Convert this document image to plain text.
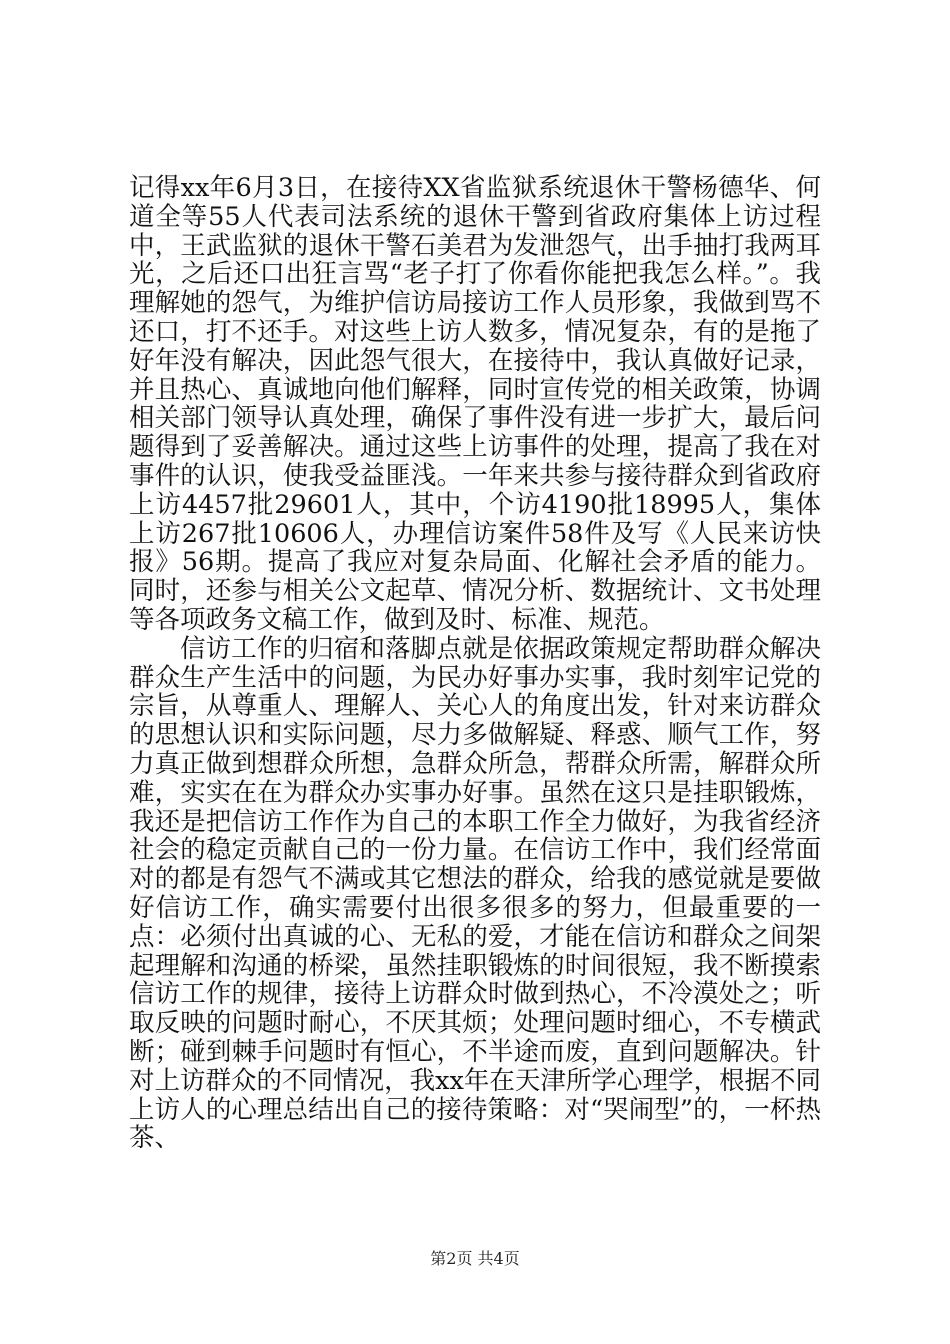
记得xx年6月3日，在接待XX省监狱系统退休干警杨德华、何道全等55人代表司法系统的退休干警到省政府集体上访过程中，王武监狱的退休干警石美君为发泄怨气，出手抽打我两耳光，之后还口出狂言骂“老子打了你看你能把我怎么样。”。我理解她的怨气，为维护信访局接访工作人员形象，我做到骂不还口，打不还手。对这些上访人数多，情况复杂，有的是拖了好年没有解决，因此怨气很大，在接待中，我认真做好记录，并且热心、真诚地向他们解释，同时宣传党的相关政策，协调相关部门领导认真处理，确保了事件没有进一步扩大，最后问题得到了妥善解决。通过这些上访事件的处理，提高了我在对事件的认识，使我受益匪浅。一年来共参与接待群众到省政府上访4457批29601人，其中，个访4190批18995人，集体上访267批10606人，办理信访案件58件及写《人民来访快报》56期。提高了我应对复杂局面、化解社会矛盾的能力。同时，还参与相关公文起草、情况分析、数据统计、文书处理等各项政务文稿工作，做到及时、标准、规范。

信访工作的归宿和落脚点就是依据政策规定帮助群众解决群众生产生活中的问题，为民办好事办实事，我时刻牢记党的宗旨，从尊重人、理解人、关心人的角度出发，针对来访群众的思想认识和实际问题，尽力多做解疑、释惑、顺气工作，努力真正做到想群众所想，急群众所急，帮群众所需，解群众所难，实实在在为群众办实事办好事。虽然在这只是挂职锻炼，我还是把信访工作作为自己的本职工作全力做好，为我省经济社会的稳定贡献自己的一份力量。在信访工作中，我们经常面对的都是有怨气不满或其它想法的群众，给我的感觉就是要做好信访工作，确实需要付出很多很多的努力，但最重要的一点：必须付出真诚的心、无私的爱，才能在信访和群众之间架起理解和沟通的桥梁，虽然挂职锻炼的时间很短，我不断摸索信访工作的规律，接待上访群众时做到热心，不冷漠处之；听取反映的问题时耐心，不厌其烦；处理问题时细心，不专横武断；碰到棘手问题时有恒心，不半途而废，直到问题解决。针对上访群众的不同情况，我xx年在天津所学心理学，根据不同上访人的心理总结出自己的接待策略：对“哭闹型”的，一杯热茶、

第2页 共4页
